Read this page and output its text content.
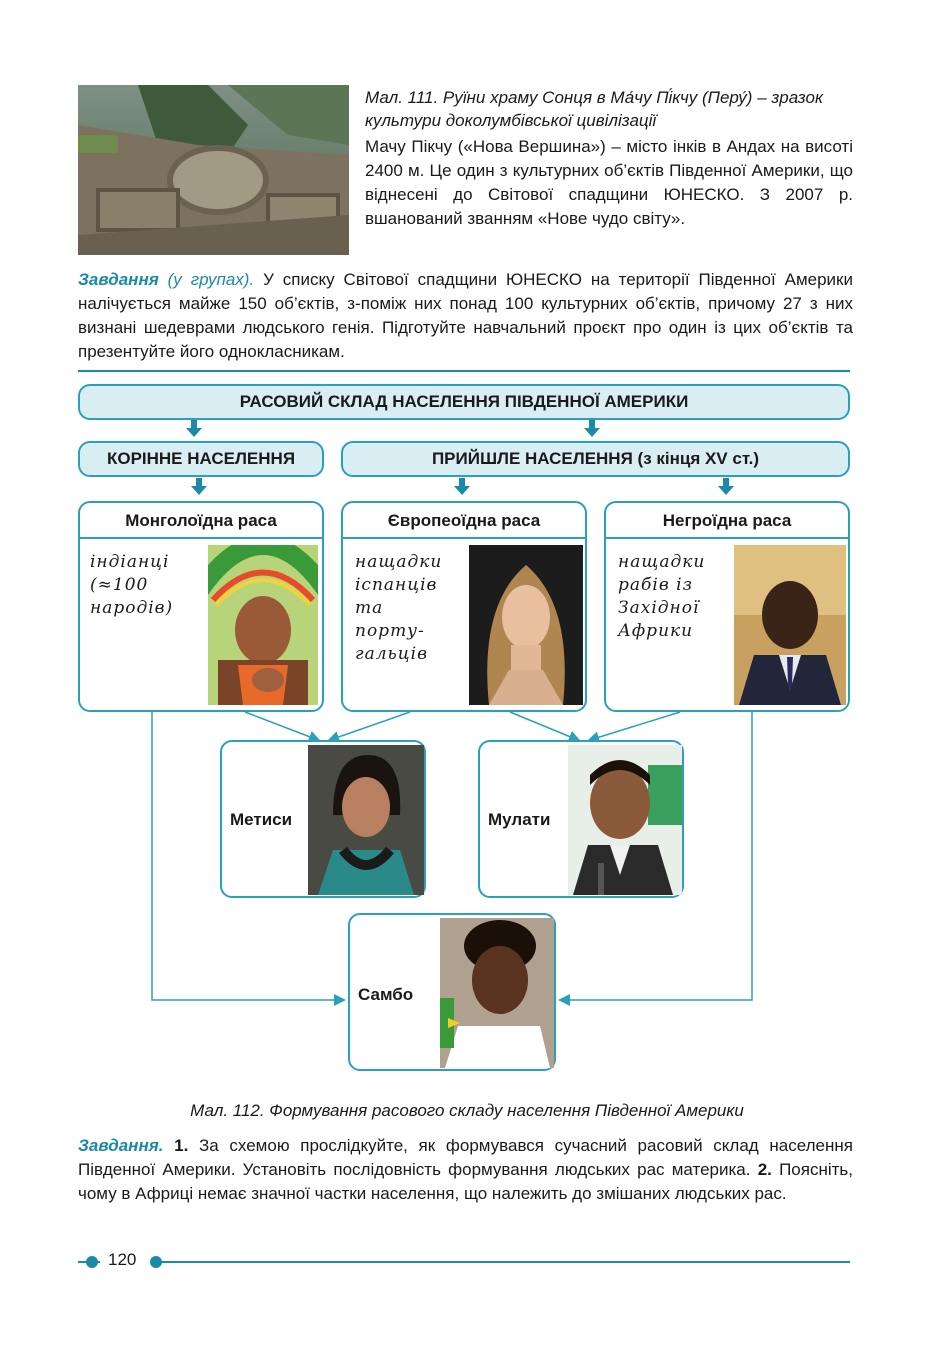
Мал. 111. Руїни храму Сонця в Ма́чу Пі́кчу (Перу́) – зразок культури доколумбівської цивілізації
Мачу Пікчу («Нова Вершина») – місто інків в Андах на висоті 2400 м. Це один з культурних об’єктів Південної Америки, що віднесені до Світової спадщини ЮНЕСКО. З 2007 р. вшанований званням «Нове чудо світу».
Завдання (у групах). У списку Світової спадщини ЮНЕСКО на території Південної Америки налічується майже 150 об’єктів, з-поміж них понад 100 культурних об’єктів, причому 27 з них визнані шедеврами людського генія. Підготуйте навчальний проєкт про один із цих об’єктів та презентуйте його однокласникам.
РАСОВИЙ СКЛАД НАСЕЛЕННЯ ПІВДЕННОЇ АМЕРИКИ
КОРІННЕ НАСЕЛЕННЯ	ПРИЙШЛЕ НАСЕЛЕННЯ (з кінця XV ст.)
Монголоїдна раса
індіанці
(≈100
народів)
Європеоїдна раса
нащадки
іспанців
та
порту-
гальців
Негроїдна раса
нащадки
рабів із
Західної
Африки
Метиси	Мулати
Самбо
Мал. 112. Формування расового складу населення Південної Америки
Завдання. 1. За схемою прослідкуйте, як формувався сучасний расовий склад населення Південної Америки. Установіть послідовність формування людських рас материка. 2. Поясніть, чому в Африці немає значної частки населення, що належить до змішаних людських рас.
120
